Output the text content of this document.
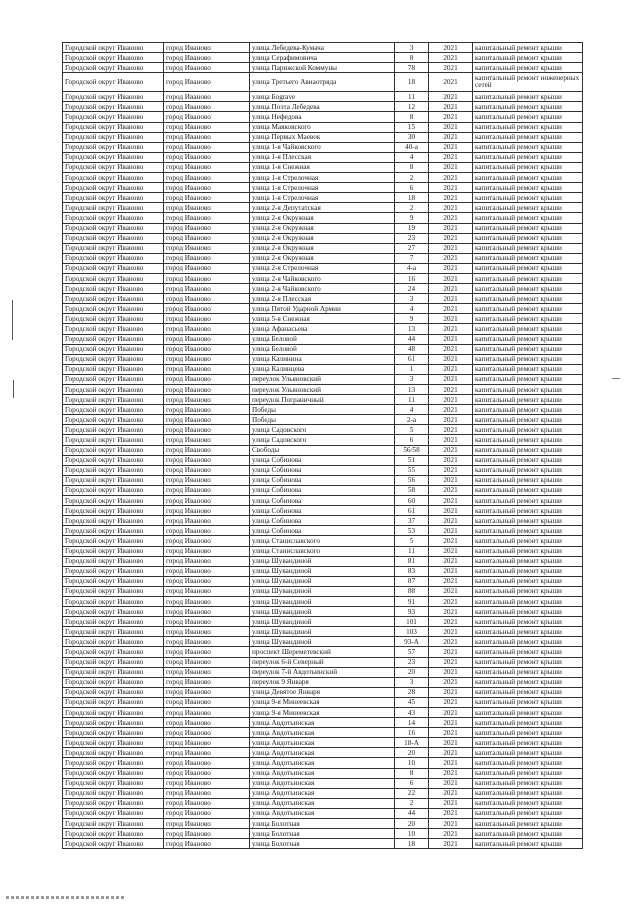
Городской округ Иваново	город Иваново	улица Лебедева-Кумача	3	2021	капитальный ремонт крыши
Городской округ Иваново	город Иваново	улица Серафимовича	8	2021	капитальный ремонт крыши
Городской округ Иваново	город Иваново	улица Парижской Коммуны	78	2021	капитальный ремонт крыши
Городской округ Иваново	город Иваново	улица Третьего Авиаотряда	18	2021	капитальный ремонт инженерных сетей
Городской округ Иваново	город Иваново	улица Бograve	11	2021	капитальный ремонт крыши
Городской округ Иваново	город Иваново	улица Поэта Лебедева	12	2021	капитальный ремонт крыши
Городской округ Иваново	город Иваново	улица Нефедова	8	2021	капитальный ремонт крыши
Городской округ Иваново	город Иваново	улица Маяковского	15	2021	капитальный ремонт крыши
Городской округ Иваново	город Иваново	улица Первых Маевок	30	2021	капитальный ремонт крыши
Городской округ Иваново	город Иваново	улица 1-я Чайковского	40-а	2021	капитальный ремонт крыши
Городской округ Иваново	город Иваново	улица 1-я Плесская	4	2021	капитальный ремонт крыши
Городской округ Иваново	город Иваново	улица 1-я Снежная	8	2021	капитальный ремонт крыши
Городской округ Иваново	город Иваново	улица 1-я Стрелочная	2	2021	капитальный ремонт крыши
Городской округ Иваново	город Иваново	улица 1-я Стрелочная	6	2021	капитальный ремонт крыши
Городской округ Иваново	город Иваново	улица 1-я Стрелочная	18	2021	капитальный ремонт крыши
Городской округ Иваново	город Иваново	улица 2-я Депутатская	2	2021	капитальный ремонт крыши
Городской округ Иваново	город Иваново	улица 2-я Окружная	9	2021	капитальный ремонт крыши
Городской округ Иваново	город Иваново	улица 2-я Окружная	19	2021	капитальный ремонт крыши
Городской округ Иваново	город Иваново	улица 2-я Окружная	23	2021	капитальный ремонт крыши
Городской округ Иваново	город Иваново	улица 2-я Окружная	27	2021	капитальный ремонт крыши
Городской округ Иваново	город Иваново	улица 2-я Окружная	7	2021	капитальный ремонт крыши
Городской округ Иваново	город Иваново	улица 2-я Стрелочная	4-а	2021	капитальный ремонт крыши
Городской округ Иваново	город Иваново	улица 2-я Чайковского	16	2021	капитальный ремонт крыши
Городской округ Иваново	город Иваново	улица 2-я Чайковского	24	2021	капитальный ремонт крыши
Городской округ Иваново	город Иваново	улица 2-я Плесская	3	2021	капитальный ремонт крыши
Городской округ Иваново	город Иваново	улица Пятой Ударной Армии	4	2021	капитальный ремонт крыши
Городской округ Иваново	город Иваново	улица 5-я Снежная	9	2021	капитальный ремонт крыши
Городской округ Иваново	город Иваново	улица Афанасьева	13	2021	капитальный ремонт крыши
Городской округ Иваново	город Иваново	улица Беловой	44	2021	капитальный ремонт крыши
Городской округ Иваново	город Иваново	улица Беловой	48	2021	капитальный ремонт крыши
Городской округ Иваново	город Иваново	улица Калинина	61	2021	капитальный ремонт крыши
Городской округ Иваново	город Иваново	улица Калинцева	1	2021	капитальный ремонт крыши
Городской округ Иваново	город Иваново	переулок Ульяновский	3	2021	капитальный ремонт крыши
Городской округ Иваново	город Иваново	переулок Ульяновский	13	2021	капитальный ремонт крыши
Городской округ Иваново	город Иваново	переулок Пограничный	11	2021	капитальный ремонт крыши
Городской округ Иваново	город Иваново	Победы	4	2021	капитальный ремонт крыши
Городской округ Иваново	город Иваново	Победы	2-а	2021	капитальный ремонт крыши
Городской округ Иваново	город Иваново	улица Садовского	5	2021	капитальный ремонт крыши
Городской округ Иваново	город Иваново	улица Садовского	6	2021	капитальный ремонт крыши
Городской округ Иваново	город Иваново	Свободы	56/58	2021	капитальный ремонт крыши
Городской округ Иваново	город Иваново	улица Собинова	51	2021	капитальный ремонт крыши
Городской округ Иваново	город Иваново	улица Собинова	55	2021	капитальный ремонт крыши
Городской округ Иваново	город Иваново	улица Собинова	56	2021	капитальный ремонт крыши
Городской округ Иваново	город Иваново	улица Собинова	58	2021	капитальный ремонт крыши
Городской округ Иваново	город Иваново	улица Собинова	60	2021	капитальный ремонт крыши
Городской округ Иваново	город Иваново	улица Собинова	61	2021	капитальный ремонт крыши
Городской округ Иваново	город Иваново	улица Собинова	37	2021	капитальный ремонт крыши
Городской округ Иваново	город Иваново	улица Собинова	53	2021	капитальный ремонт крыши
Городской округ Иваново	город Иваново	улица Станиславского	5	2021	капитальный ремонт крыши
Городской округ Иваново	город Иваново	улица Станиславского	11	2021	капитальный ремонт крыши
Городской округ Иваново	город Иваново	улица Шувандиной	81	2021	капитальный ремонт крыши
Городской округ Иваново	город Иваново	улица Шувандиной	83	2021	капитальный ремонт крыши
Городской округ Иваново	город Иваново	улица Шувандиной	87	2021	капитальный ремонт крыши
Городской округ Иваново	город Иваново	улица Шувандиной	88	2021	капитальный ремонт крыши
Городской округ Иваново	город Иваново	улица Шувандиной	91	2021	капитальный ремонт крыши
Городской округ Иваново	город Иваново	улица Шувандиной	93	2021	капитальный ремонт крыши
Городской округ Иваново	город Иваново	улица Шувандиной	101	2021	капитальный ремонт крыши
Городской округ Иваново	город Иваново	улица Шувандиной	103	2021	капитальный ремонт крыши
Городской округ Иваново	город Иваново	улица Шувандиной	93-А	2021	капитальный ремонт крыши
Городской округ Иваново	город Иваново	проспект Шереметевский	57	2021	капитальный ремонт крыши
Городской округ Иваново	город Иваново	переулок 6-й Северный	23	2021	капитальный ремонт крыши
Городской округ Иваново	город Иваново	переулок 7-й Авдотьинский	20	2021	капитальный ремонт крыши
Городской округ Иваново	город Иваново	переулок 9 Января	3	2021	капитальный ремонт крыши
Городской округ Иваново	город Иваново	улица Девятое Января	28	2021	капитальный ремонт крыши
Городской округ Иваново	город Иваново	улица 9-я Минеевская	45	2021	капитальный ремонт крыши
Городской округ Иваново	город Иваново	улица 9-я Минеевская	43	2021	капитальный ремонт крыши
Городской округ Иваново	город Иваново	улица Авдотьинская	14	2021	капитальный ремонт крыши
Городской округ Иваново	город Иваново	улица Авдотьинская	16	2021	капитальный ремонт крыши
Городской округ Иваново	город Иваново	улица Авдотьинская	18-А	2021	капитальный ремонт крыши
Городской округ Иваново	город Иваново	улица Авдотьинская	20	2021	капитальный ремонт крыши
Городской округ Иваново	город Иваново	улица Авдотьинская	10	2021	капитальный ремонт крыши
Городской округ Иваново	город Иваново	улица Авдотьинская	8	2021	капитальный ремонт крыши
Городской округ Иваново	город Иваново	улица Авдотьинская	6	2021	капитальный ремонт крыши
Городской округ Иваново	город Иваново	улица Авдотьинская	22	2021	капитальный ремонт крыши
Городской округ Иваново	город Иваново	улица Авдотьинская	2	2021	капитальный ремонт крыши
Городской округ Иваново	город Иваново	улица Авдотьинская	44	2021	капитальный ремонт крыши
Городской округ Иваново	город Иваново	улица Болотная	20	2021	капитальный ремонт крыши
Городской округ Иваново	город Иваново	улица Болотная	10	2021	капитальный ремонт крыши
Городской округ Иваново	город Иваново	улица Болотная	18	2021	капитальный ремонт крыши
